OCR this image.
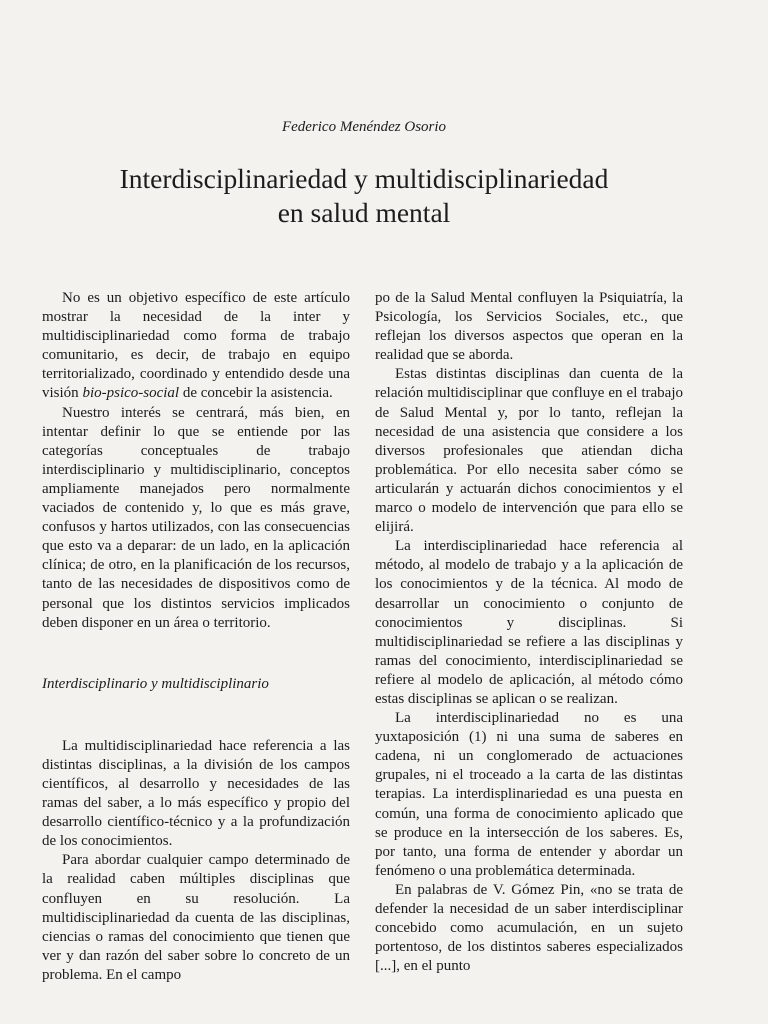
Federico Menéndez Osorio
Interdisciplinariedad y multidisciplinariedad
en salud mental

No es un objetivo específico de este artículo mostrar la necesidad de la inter y multidisciplinariedad como forma de trabajo comunitario, es decir, de trabajo en equipo territorializado, coordinado y entendido desde una visión bio-psico-social de concebir la asistencia.

Nuestro interés se centrará, más bien, en intentar definir lo que se entiende por las categorías conceptuales de trabajo interdisciplinario y multidisciplinario, conceptos ampliamente manejados pero normalmente vaciados de contenido y, lo que es más grave, confusos y hartos utilizados, con las consecuencias que esto va a deparar: de un lado, en la aplicación clínica; de otro, en la planificación de los recursos, tanto de las necesidades de dispositivos como de personal que los distintos servicios implicados deben disponer en un área o territorio.

Interdisciplinario y multidisciplinario

La multidisciplinariedad hace referencia a las distintas disciplinas, a la división de los campos científicos, al desarrollo y necesidades de las ramas del saber, a lo más específico y propio del desarrollo científico-técnico y a la profundización de los conocimientos.

Para abordar cualquier campo determinado de la realidad caben múltiples disciplinas que confluyen en su resolución. La multidisciplinariedad da cuenta de las disciplinas, ciencias o ramas del conocimiento que tienen que ver y dan razón del saber sobre lo concreto de un problema. En el campo

po de la Salud Mental confluyen la Psiquiatría, la Psicología, los Servicios Sociales, etc., que reflejan los diversos aspectos que operan en la realidad que se aborda.

Estas distintas disciplinas dan cuenta de la relación multidisciplinar que confluye en el trabajo de Salud Mental y, por lo tanto, reflejan la necesidad de una asistencia que considere a los diversos profesionales que atiendan dicha problemática. Por ello necesita saber cómo se articularán y actuarán dichos conocimientos y el marco o modelo de intervención que para ello se elijirá.

La interdisciplinariedad hace referencia al método, al modelo de trabajo y a la aplicación de los conocimientos y de la técnica. Al modo de desarrollar un conocimiento o conjunto de conocimientos y disciplinas. Si multidisciplinariedad se refiere a las disciplinas y ramas del conocimiento, interdisciplinariedad se refiere al modelo de aplicación, al método cómo estas disciplinas se aplican o se realizan.

La interdisciplinariedad no es una yuxtaposición (1) ni una suma de saberes en cadena, ni un conglomerado de actuaciones grupales, ni el troceado a la carta de las distintas terapias. La interdisplinariedad es una puesta en común, una forma de conocimiento aplicado que se produce en la intersección de los saberes. Es, por tanto, una forma de entender y abordar un fenómeno o una problemática determinada.

En palabras de V. Gómez Pin, «no se trata de defender la necesidad de un saber interdisciplinar concebido como acumulación, en un sujeto portentoso, de los distintos saberes especializados [...], en el punto
